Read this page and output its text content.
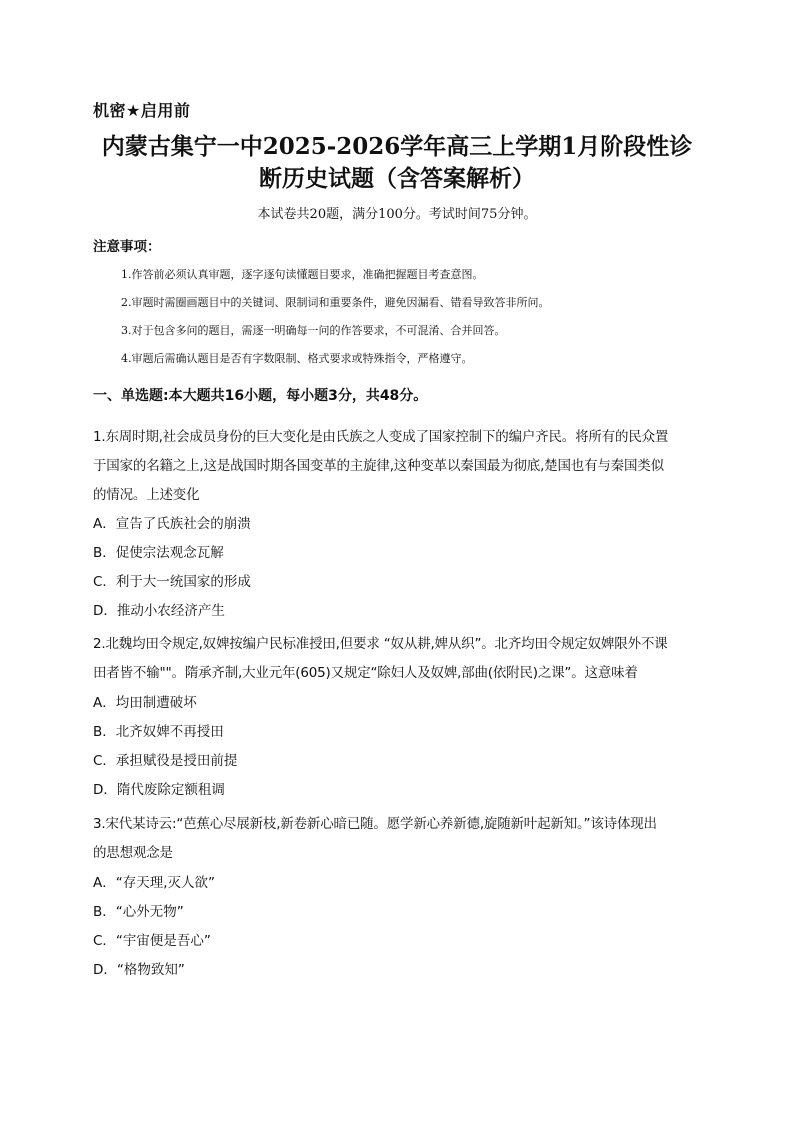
机密★启用前
内蒙古集宁一中2025-2026学年高三上学期1月阶段性诊
断历史试题（含答案解析）
本试卷共20题，满分100分。考试时间75分钟。
注意事项：
1.作答前必须认真审题，逐字逐句读懂题目要求，准确把握题目考查意图。
2.审题时需圈画题目中的关键词、限制词和重要条件，避免因漏看、错看导致答非所问。
3.对于包含多问的题目，需逐一明确每一问的作答要求，不可混淆、合并回答。
4.审题后需确认题目是否有字数限制、格式要求或特殊指令，严格遵守。
一、单选题:本大题共16小题，每小题3分，共48分。
1.东周时期,社会成员身份的巨大变化是由氏族之人变成了国家控制下的编户齐民。将所有的民众置
于国家的名籍之上,这是战国时期各国变革的主旋律,这种变革以秦国最为彻底,楚国也有与秦国类似
的情况。上述变化
A．宣告了氏族社会的崩溃
B．促使宗法观念瓦解
C．利于大一统国家的形成
D．推动小农经济产生
2.北魏均田令规定,奴婢按编户民标准授田,但要求 “奴从耕,婢从织”。北齐均田令规定奴婢限外不课
田者皆不输""。隋承齐制,大业元年(605)又规定“除妇人及奴婢,部曲(依附民)之课”。这意味着
A．均田制遭破坏
B．北齐奴婢不再授田
C．承担赋役是授田前提
D．隋代废除定额租调
3.宋代某诗云:“芭蕉心尽展新枝,新卷新心暗已随。愿学新心养新德,旋随新叶起新知。”该诗体现出
的思想观念是
A．“存天理,灭人欲”
B．“心外无物”
C．“宇宙便是吾心”
D．“格物致知”
